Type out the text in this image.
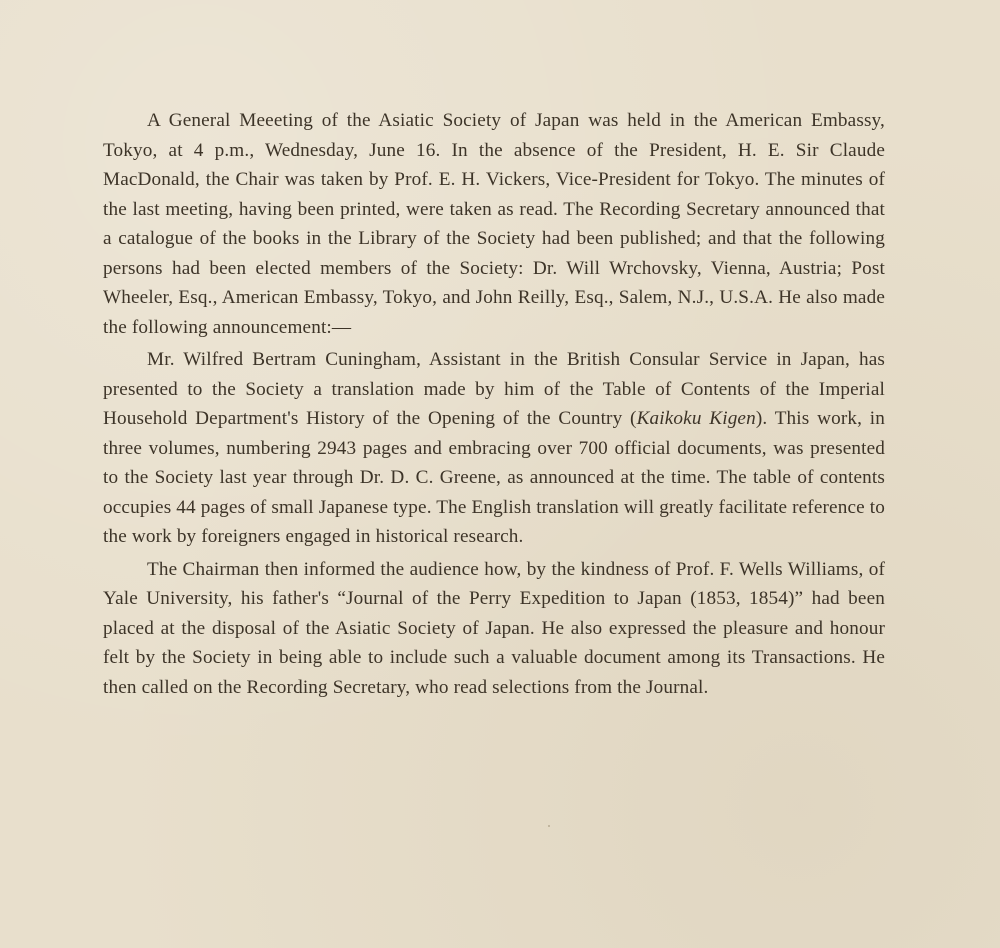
A General Meeeting of the Asiatic Society of Japan was held in the American Embassy, Tokyo, at 4 p.m., Wednesday, June 16. In the absence of the President, H. E. Sir Claude MacDonald, the Chair was taken by Prof. E. H. Vickers, Vice-President for Tokyo. The minutes of the last meeting, having been printed, were taken as read. The Recording Secretary announced that a catalogue of the books in the Library of the Society had been published; and that the following persons had been elected members of the Society: Dr. Will Wrchovsky, Vienna, Austria; Post Wheeler, Esq., American Embassy, Tokyo, and John Reilly, Esq., Salem, N.J., U.S.A. He also made the following announcement:—

Mr. Wilfred Bertram Cuningham, Assistant in the British Consular Service in Japan, has presented to the Society a translation made by him of the Table of Contents of the Imperial Household Department's History of the Opening of the Country (Kaikoku Kigen). This work, in three volumes, numbering 2943 pages and embracing over 700 official documents, was presented to the Society last year through Dr. D. C. Greene, as announced at the time. The table of contents occupies 44 pages of small Japanese type. The English translation will greatly facilitate reference to the work by foreigners engaged in historical research.

The Chairman then informed the audience how, by the kindness of Prof. F. Wells Williams, of Yale University, his father's “Journal of the Perry Expedition to Japan (1853, 1854)” had been placed at the disposal of the Asiatic Society of Japan. He also expressed the pleasure and honour felt by the Society in being able to include such a valuable document among its Transactions. He then called on the Recording Secretary, who read selections from the Journal.
